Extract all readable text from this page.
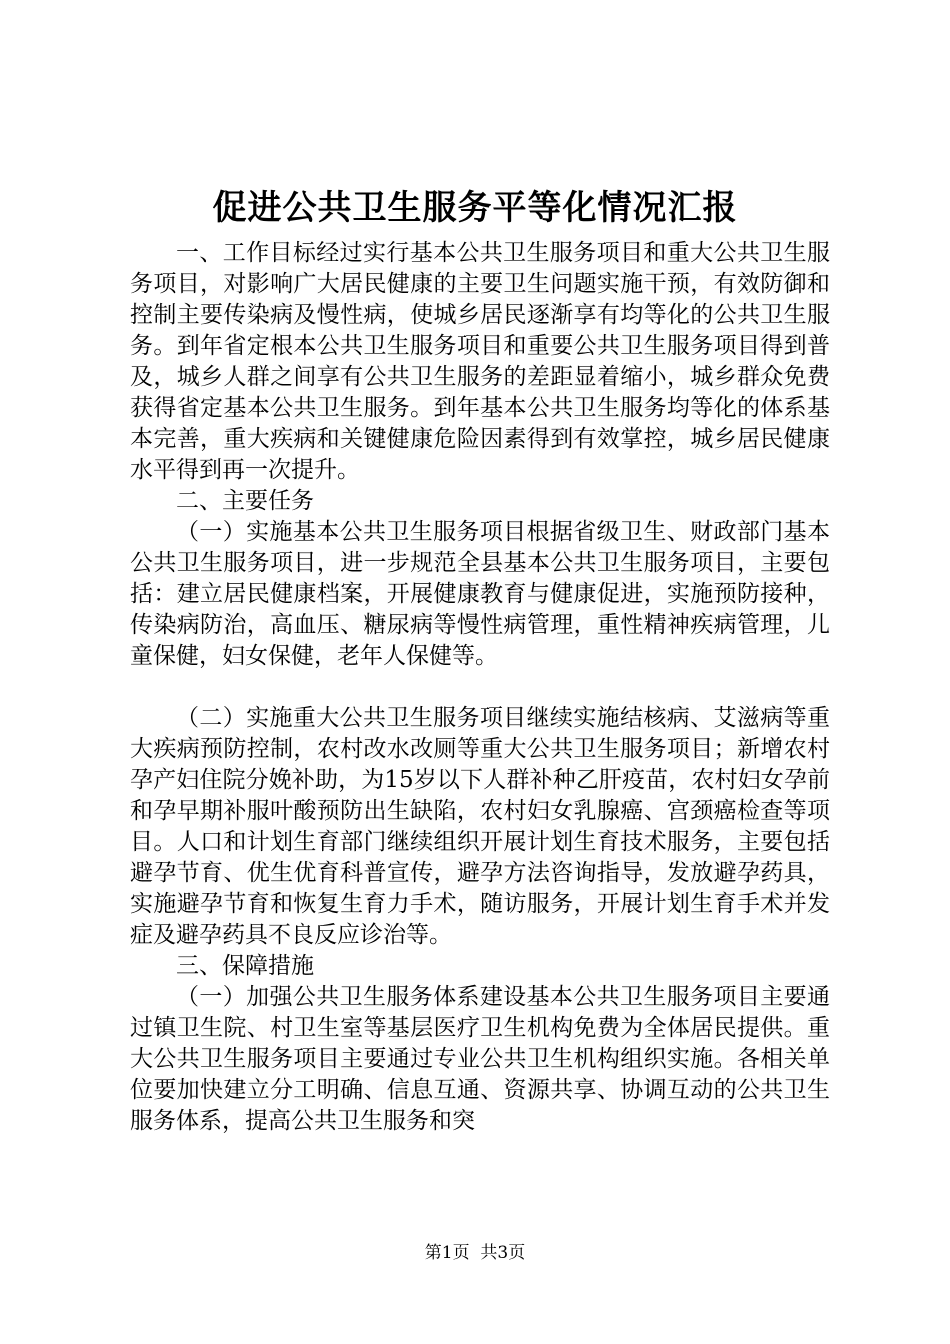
促进公共卫生服务平等化情况汇报

一、工作目标经过实行基本公共卫生服务项目和重大公共卫生服务项目，对影响广大居民健康的主要卫生问题实施干预，有效防御和控制主要传染病及慢性病，使城乡居民逐渐享有均等化的公共卫生服务。到年省定根本公共卫生服务项目和重要公共卫生服务项目得到普及，城乡人群之间享有公共卫生服务的差距显着缩小，城乡群众免费获得省定基本公共卫生服务。到年基本公共卫生服务均等化的体系基本完善，重大疾病和关键健康危险因素得到有效掌控，城乡居民健康水平得到再一次提升。

二、主要任务

（一）实施基本公共卫生服务项目根据省级卫生、财政部门基本公共卫生服务项目，进一步规范全县基本公共卫生服务项目，主要包括：建立居民健康档案，开展健康教育与健康促进，实施预防接种，传染病防治，高血压、糖尿病等慢性病管理，重性精神疾病管理，儿童保健，妇女保健，老年人保健等。

（二）实施重大公共卫生服务项目继续实施结核病、艾滋病等重大疾病预防控制，农村改水改厕等重大公共卫生服务项目；新增农村孕产妇住院分娩补助，为15岁以下人群补种乙肝疫苗，农村妇女孕前和孕早期补服叶酸预防出生缺陷，农村妇女乳腺癌、宫颈癌检查等项目。人口和计划生育部门继续组织开展计划生育技术服务，主要包括避孕节育、优生优育科普宣传，避孕方法咨询指导，发放避孕药具，实施避孕节育和恢复生育力手术，随访服务，开展计划生育手术并发症及避孕药具不良反应诊治等。

三、保障措施

（一）加强公共卫生服务体系建设基本公共卫生服务项目主要通过镇卫生院、村卫生室等基层医疗卫生机构免费为全体居民提供。重大公共卫生服务项目主要通过专业公共卫生机构组织实施。各相关单位要加快建立分工明确、信息互通、资源共享、协调互动的公共卫生服务体系，提高公共卫生服务和突

第1页  共3页
